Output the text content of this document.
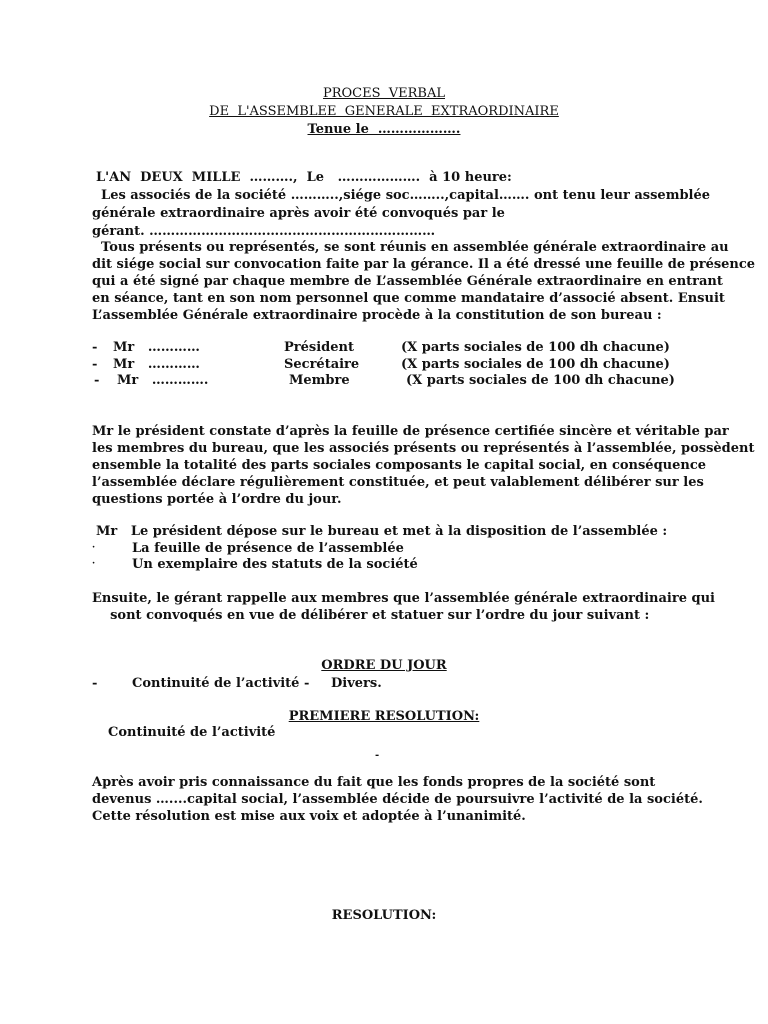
PROCES  VERBAL
DE  L'ASSEMBLEE  GENERALE  EXTRAORDINAIRE
Tenue le  ……………….
L'AN  DEUX  MILLE  ……….,  Le   ……………….  à 10 heure:
Les associés de la société ………..,siége soc……..,capital……. ont tenu leur assemblée
générale extraordinaire après avoir été convoqués par le
gérant. …………………………………………………………
Tous présents ou représentés, se sont réunis en assemblée générale extraordinaire au
dit siége social sur convocation faite par la gérance. Il a été dressé une feuille de présence
qui a été signé par chaque membre de L’assemblée Générale extraordinaire en entrant
en séance, tant en son nom personnel que comme mandataire d’associé absent. Ensuit
L’assemblée Générale extraordinaire procède à la constitution de son bureau :
- Mr   …………	Président	(X parts sociales de 100 dh chacune)
- Mr   …………	Secrétaire	(X parts sociales de 100 dh chacune)
- Mr   ………….	Membre	(X parts sociales de 100 dh chacune)
Mr le président constate d’après la feuille de présence certifiée sincère et véritable par
les membres du bureau, que les associés présents ou représentés à l’assemblée, possèdent
ensemble la totalité des parts sociales composants le capital social, en conséquence
l’assemblée déclare régulièrement constituée, et peut valablement délibérer sur les
questions portée à l’ordre du jour.
Mr   Le président dépose sur le bureau et met à la disposition de l’assemblée :
·	La feuille de présence de l’assemblée
·	Un exemplaire des statuts de la société
Ensuite, le gérant rappelle aux membres que l’assemblée générale extraordinaire qui
sont convoqués en vue de délibérer et statuer sur l’ordre du jour suivant :
ORDRE DU JOUR
-	Continuité de l’activité - Divers.
PREMIERE RESOLUTION:
Continuité de l’activité
-
Après avoir pris connaissance du fait que les fonds propres de la société sont
devenus …....capital social, l’assemblée décide de poursuivre l’activité de la société.
Cette résolution est mise aux voix et adoptée à l’unanimité.
RESOLUTION:
